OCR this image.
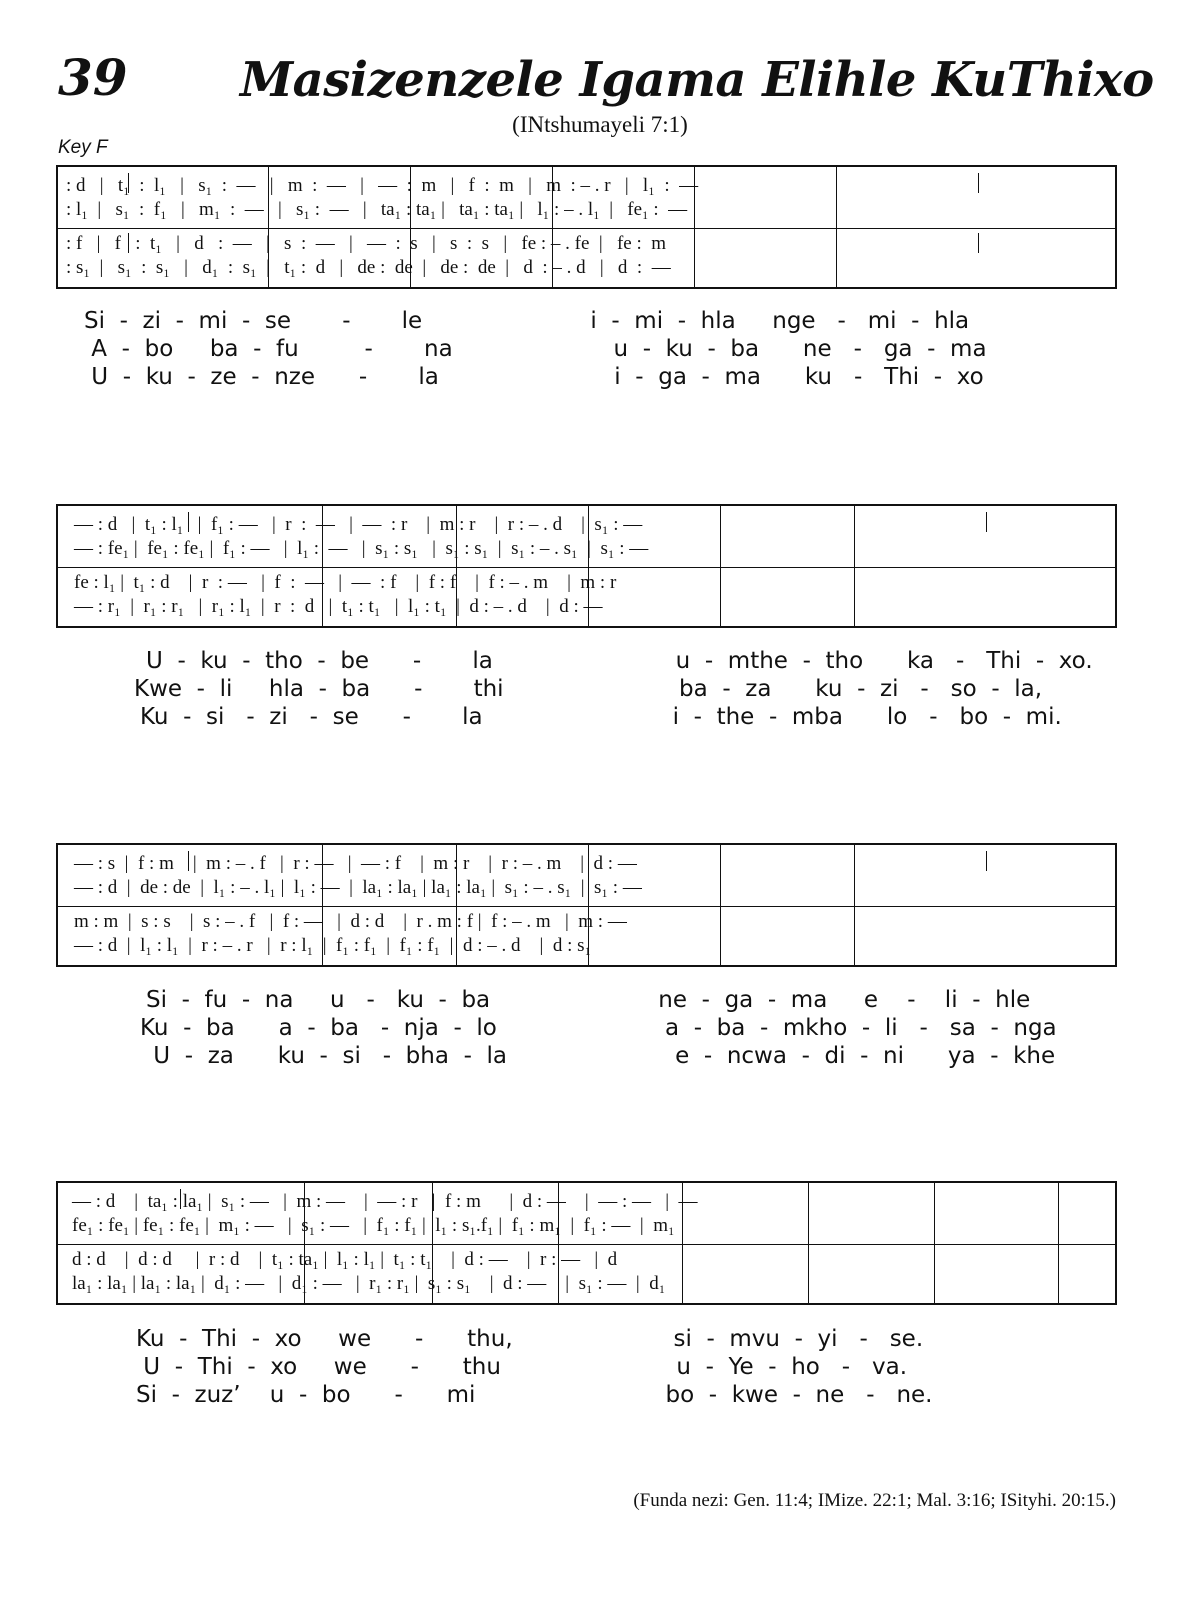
39 Masizenzele Igama Elihle KuThixo
(INtshumayeli 7:1)
Key F
: d   |   t₁  :  l₁   |   s₁  :  —   |   m  :  —   |   —  :  m   |   f  :  m   |   m  : – . r   |   l₁  :  —
: l₁  |   s₁  :  f₁   |   m₁  :  —   |   s₁ :  —   |   ta₁ : ta₁ |   ta₁ : ta₁ |   l₁ : – . l₁  |   fe₁ :  —
: f   |   f   :  t₁   |   d   :  —   |   s  :  —   |   —  :  s   |   s  :  s   |   fe : – . fe  |   fe :  m
: s₁  |   s₁  :  s₁   |   d₁  :  s₁  |   t₁ :  d   |   de :  de  |   de :  de  |   d  : – . d   |   d  :  —
Si  -  zi  -  mi  -  se       -       le                       i  -  mi  -  hla     nge   -   mi  -  hla
A  -  bo     ba  -  fu         -       na                      u  -  ku  -  ba      ne   -   ga  -  ma
U  -  ku  -  ze  -  nze      -       la                        i  -  ga  -  ma      ku   -   Thi  -  xo
— : d   |  t₁ : l₁   |  f₁ : —   |  r  :  —   |  —  : r    |  m : r    |  r : – . d    |  s₁ : —
— : fe₁ |  fe₁ : fe₁ |  f₁ : —   |  l₁ :  —   |  s₁ : s₁   |  s₁ : s₁  |  s₁ : – . s₁  |  s₁ : —
fe : l₁ |  t₁ : d    |  r  : —   |  f  :  —   |  —  : f    |  f : f    |  f : – . m    |  m : r
— : r₁  |  r₁ : r₁   |  r₁ : l₁  |  r  :  d   |  t₁ : t₁   |  l₁ : t₁  |  d : – . d    |  d : —
U  -  ku  -  tho  -  be      -       la                         u  -  mthe  -  tho      ka   -   Thi  -  xo.
Kwe  -  li     hla  -  ba      -       thi                        ba  -  za      ku  -  zi   -   so  -  la,
Ku  -  si   -  zi   -  se      -       la                          i  -  the  -  mba      lo   -   bo  -  mi.
— : s  |  f : m    |  m : – . f   |  r : —   |  — : f    |  m : r    |  r : – . m    |  d : —
— : d  |  de : de  |  l₁ : – . l₁ |  l₁ : —  |  la₁ : la₁ | la₁ : la₁ |  s₁ : – . s₁  |  s₁ : —
m : m  |  s : s    |  s : – . f   |  f : —   |  d : d    |  r . m : f |  f : – . m   |  m : —
— : d  |  l₁ : l₁  |  r : – . r   |  r : l₁  |  f₁ : f₁  |  f₁ : f₁  |  d : – . d    |  d : s₁
Si  -  fu  -  na     u   -   ku  -  ba                       ne  -  ga  -  ma     e    -    li  -  hle
Ku  -  ba      a  -  ba   -  nja  -  lo                       a  -  ba  -  mkho  -  li   -   sa  -  nga
U  -  za      ku  -  si   -  bha  -  la                       e  -  ncwa  -  di  -  ni      ya  -  khe
— : d    |  ta₁ : la₁ |  s₁ : —   |  m : —    |  — : r   |  f : m      |  d : —    |  — : —   |  —
fe₁ : fe₁ | fe₁ : fe₁ |  m₁ : —   |  s₁ : —   |  f₁ : f₁ |  l₁ : s₁.f₁ |  f₁ : m₁  |  f₁ : —  |  m₁
d : d    |  d : d     |  r : d    |  t₁ : ta₁ |  l₁ : l₁ |  t₁ : t₁    |  d : —    |  r : —   |  d
la₁ : la₁ | la₁ : la₁ |  d₁ : —   |  d₁ : —   |  r₁ : r₁ |  s₁ : s₁    |  d : —    |  s₁ : —  |  d₁
Ku  -  Thi  -  xo     we      -      thu,                      si  -  mvu  -  yi   -   se.
U  -  Thi  -  xo     we      -      thu                        u  -  Ye  -  ho   -   va.
Si  -  zuz’    u  -  bo      -      mi                          bo  -  kwe  -  ne   -   ne.
(Funda nezi: Gen. 11:4; IMize. 22:1; Mal. 3:16; ISityhi. 20:15.)
